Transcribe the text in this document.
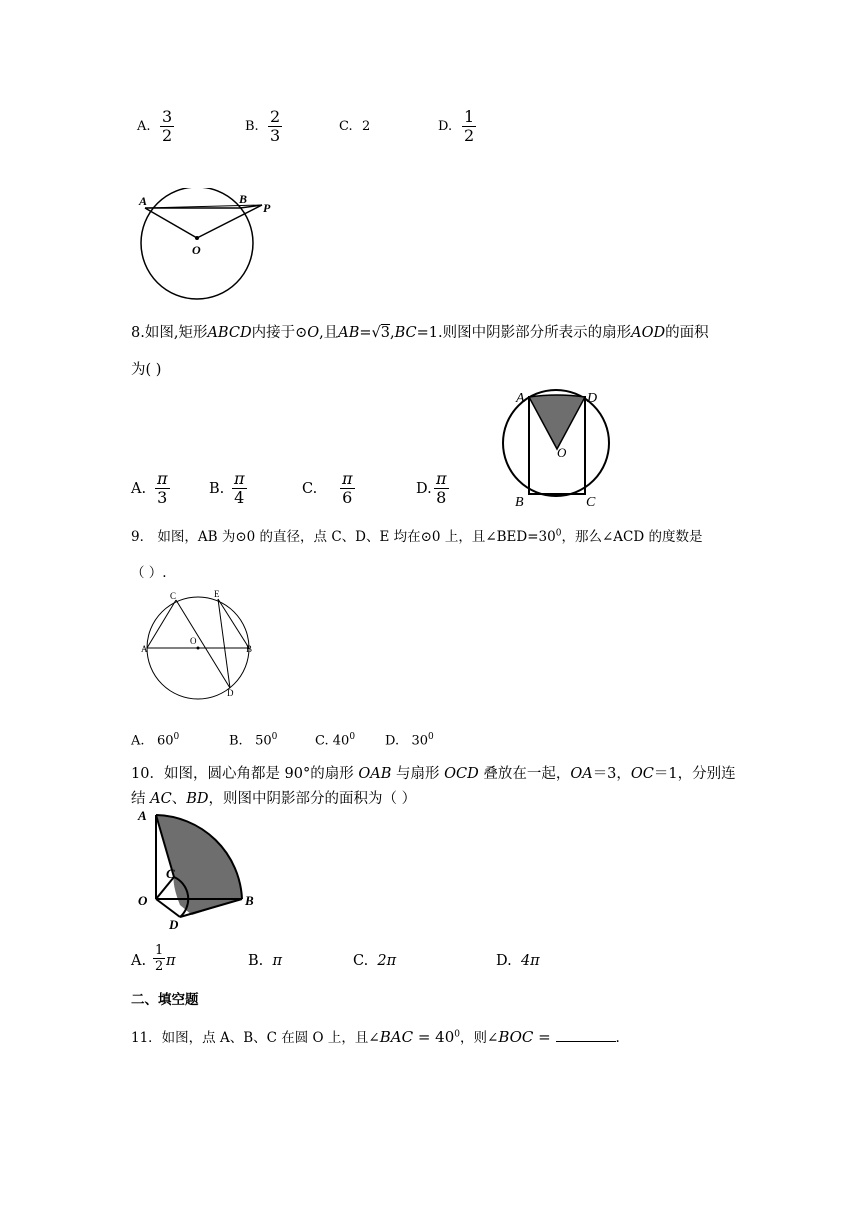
A. $\frac{3}{2}$	B. $\frac{2}{3}$	C. 2	D. $\frac{1}{2}$
A	B
P
O
8.如图,矩形ABCD内接于⊙O,且AB=√3,BC=1.则图中阴影部分所表示的扇形AOD的面积
为( )
A. $\frac{\pi}{3}$	B. $\frac{\pi}{4}$	C. $\frac{\pi}{6}$	D. $\frac{\pi}{8}$
A	D
O
B	C
9． 如图，AB 为⊙0 的直径，点 C、D、E 均在⊙0 上，且$\angle BED=30^0$，那么∠ACD 的度数是
（ ）.
C	E
A
O
B
D
A. $60^0$	B. $50^0$	C. $40^0$ D. $30^0$
10．如图，圆心角都是 90°的扇形 OAB 与扇形 OCD 叠放在一起，OA＝3，OC＝1，分别连
结 AC、BD，则图中阴影部分的面积为（ ）
A
C
O	B
D
A. $\frac{1}{2}$ π	B. π	C. 2π	D. 4π
二、填空题
11．如图，点 A、B、C 在圆 O 上，且∠BAC = $40^0$，则∠BOC =	.
